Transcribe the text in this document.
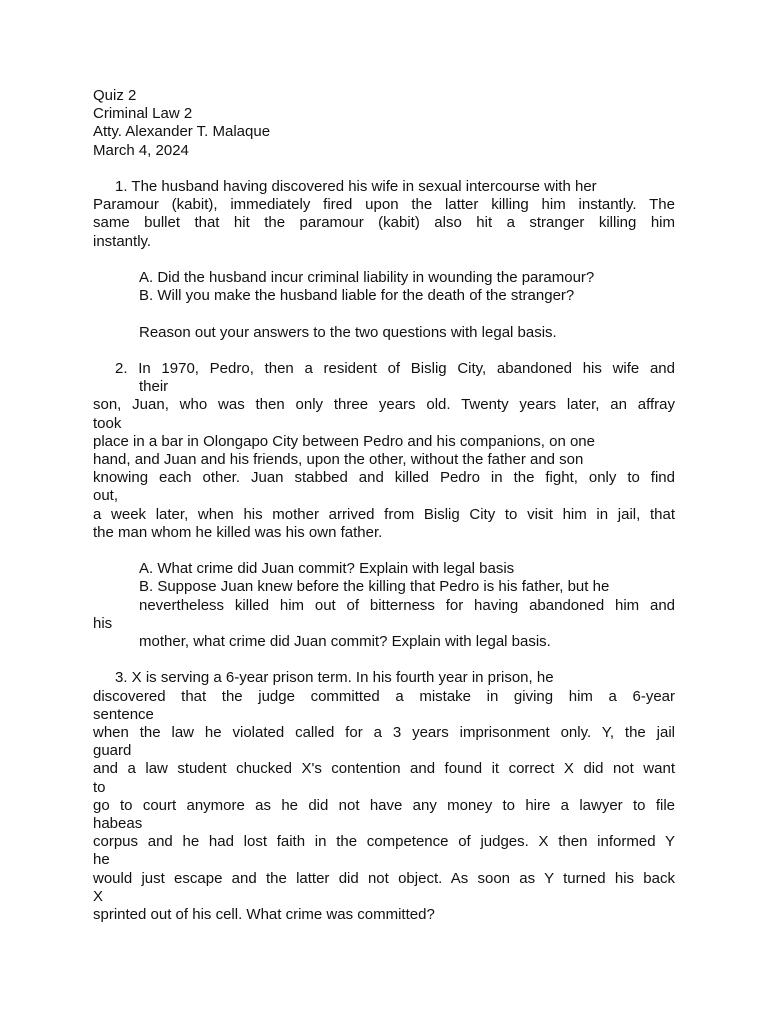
Quiz 2
Criminal Law 2
Atty. Alexander T. Malaque
March 4, 2024
1. The husband having discovered his wife in sexual intercourse with her
Paramour (kabit), immediately fired upon the latter killing him instantly. The
same bullet that hit the paramour (kabit) also hit a stranger killing him
instantly.
A. Did the husband incur criminal liability in wounding the paramour?
B. Will you make the husband liable for the death of the stranger?
Reason out your answers to the two questions with legal basis.
2. In 1970, Pedro, then a resident of Bislig City, abandoned his wife and
their
son, Juan, who was then only three years old. Twenty years later, an affray
took
place in a bar in Olongapo City between Pedro and his companions, on one
hand, and Juan and his friends, upon the other, without the father and son
knowing each other. Juan stabbed and killed Pedro in the fight, only to find
out,
a week later, when his mother arrived from Bislig City to visit him in jail, that
the man whom he killed was his own father.
A. What crime did Juan commit? Explain with legal basis
B. Suppose Juan knew before the killing that Pedro is his father, but he
nevertheless killed him out of bitterness for having abandoned him and
his
mother, what crime did Juan commit? Explain with legal basis.
3. X is serving a 6-year prison term. In his fourth year in prison, he
discovered that the judge committed a mistake in giving him a 6-year
sentence
when the law he violated called for a 3 years imprisonment only. Y, the jail
guard
and a law student chucked X's contention and found it correct X did not want
to
go to court anymore as he did not have any money to hire a lawyer to file
habeas
corpus and he had lost faith in the competence of judges. X then informed Y
he
would just escape and the latter did not object. As soon as Y turned his back
X
sprinted out of his cell. What crime was committed?
